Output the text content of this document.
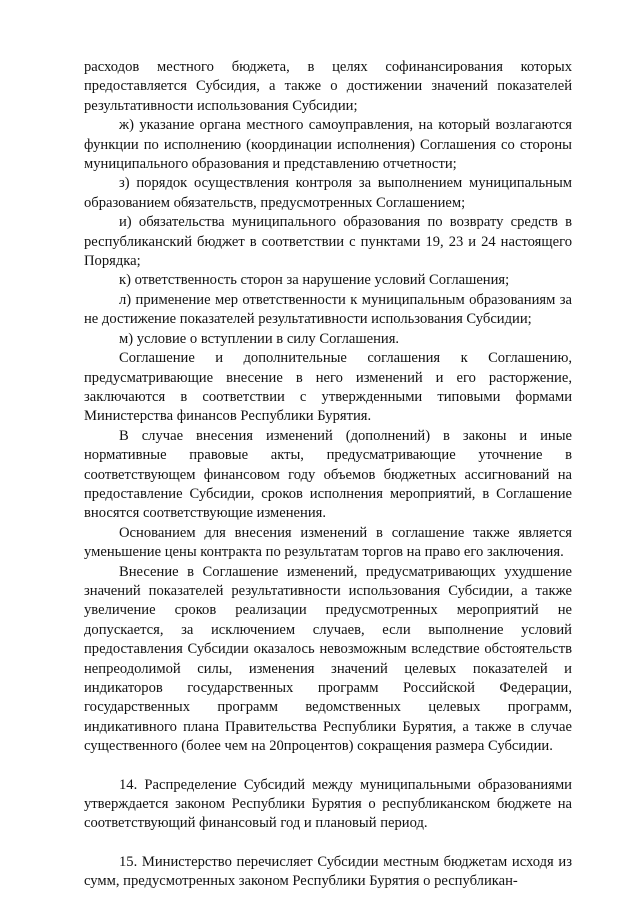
расходов местного бюджета, в целях софинансирования которых предоставляется Субсидия, а также о достижении значений показателей результативности использования Субсидии;

ж) указание органа местного самоуправления, на который возлагаются функции по исполнению (координации исполнения) Соглашения со стороны муниципального образования и представлению отчетности;

з) порядок осуществления контроля за выполнением муниципальным образованием обязательств, предусмотренных Соглашением;

и) обязательства муниципального образования по возврату средств в республиканский бюджет в соответствии с пунктами 19, 23 и 24 настоящего Порядка;

к) ответственность сторон за нарушение условий Соглашения;

л) применение мер ответственности к муниципальным образованиям за не достижение показателей результативности использования Субсидии;

м) условие о вступлении в силу Соглашения.

Соглашение и дополнительные соглашения к Соглашению, предусматривающие внесение в него изменений и его расторжение, заключаются в соответствии с утвержденными типовыми формами Министерства финансов Республики Бурятия.

В случае внесения изменений (дополнений) в законы и иные нормативные правовые акты, предусматривающие уточнение в соответствующем финансовом году объемов бюджетных ассигнований на предоставление Субсидии, сроков исполнения мероприятий, в Соглашение вносятся соответствующие изменения.

Основанием для внесения изменений в соглашение также является уменьшение цены контракта по результатам торгов на право его заключения.

Внесение в Соглашение изменений, предусматривающих ухудшение значений показателей результативности использования Субсидии, а также увеличение сроков реализации предусмотренных мероприятий не допускается, за исключением случаев, если выполнение условий предоставления Субсидии оказалось невозможным вследствие обстоятельств непреодолимой силы, изменения значений целевых показателей и индикаторов государственных программ Российской Федерации, государственных программ ведомственных целевых программ, индикативного плана Правительства Республики Бурятия, а также в случае существенного (более чем на 20процентов) сокращения размера Субсидии.

14. Распределение Субсидий между муниципальными образованиями утверждается законом Республики Бурятия о республиканском бюджете на соответствующий финансовый год и плановый период.

15. Министерство перечисляет Субсидии местным бюджетам исходя из сумм, предусмотренных законом Республики Бурятия о республикан-
